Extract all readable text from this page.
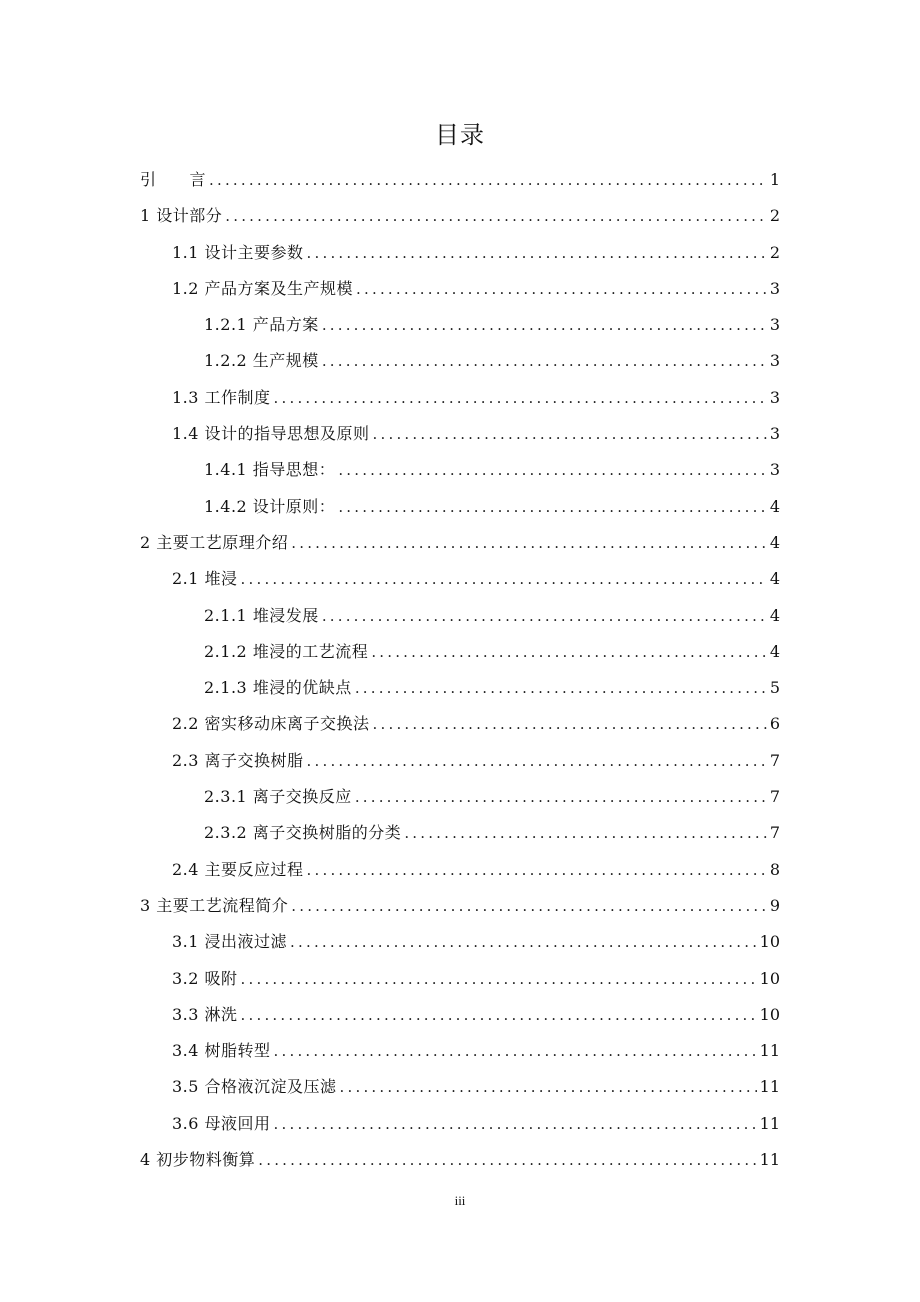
目录
引　　言 .....	1
1 设计部分 .....	2
1.1 设计主要参数 .....	2
1.2 产品方案及生产规模 .....	3
1.2.1 产品方案 .....	3
1.2.2 生产规模 .....	3
1.3 工作制度 .....	3
1.4 设计的指导思想及原则 .....	3
1.4.1 指导思想： .....	3
1.4.2 设计原则： .....	4
2 主要工艺原理介绍 .....	4
2.1 堆浸 .....	4
2.1.1 堆浸发展 .....	4
2.1.2 堆浸的工艺流程 .....	4
2.1.3 堆浸的优缺点 .....	5
2.2 密实移动床离子交换法 .....	6
2.3 离子交换树脂 .....	7
2.3.1 离子交换反应 .....	7
2.3.2 离子交换树脂的分类 .....	7
2.4 主要反应过程 .....	8
3 主要工艺流程简介 .....	9
3.1 浸出液过滤 .....	10
3.2 吸附 .....	10
3.3 淋洗 .....	10
3.4 树脂转型 .....	11
3.5 合格液沉淀及压滤 .....	11
3.6 母液回用 .....	11
4 初步物料衡算 .....	11
iii
